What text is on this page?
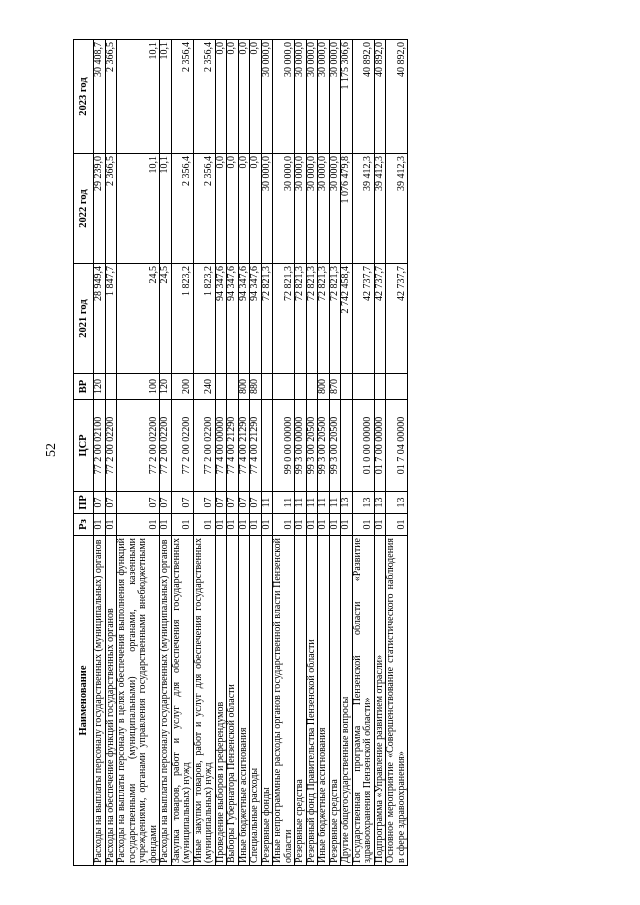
52
Наименование	Рз	ПР	ЦСР	ВР	2021 год	2022 год	2023 год
Расходы на выплаты персоналу государственных (муниципальных) органов	01	07	77 2 00 02100	120	28 949,4	29 239,0	30 408,7
Расходы на обеспечение функций государственных органов	01	07	77 2 00 02200		1 847,7	2 366,5	2 366,5
Расходы на выплаты персоналу в целях обеспечения выполнения функций государственными (муниципальными) органами, казенными учреждениями, органами управления государственными внебюджетными фондами	01	07	77 2 00 02200	100	24,5	10,1	10,1
Расходы на выплаты персоналу государственных (муниципальных) органов	01	07	77 2 00 02200	120	24,5	10,1	10,1
Закупка товаров, работ и услуг для обеспечения государственных (муниципальных) нужд	01	07	77 2 00 02200	200	1 823,2	2 356,4	2 356,4
Иные закупки товаров, работ и услуг для обеспечения государственных (муниципальных) нужд	01	07	77 2 00 02200	240	1 823,2	2 356,4	2 356,4
Проведение выборов и референдумов	01	07	77 4 00 00000		94 347,6	0,0	0,0
Выборы Губернатора Пензенской области	01	07	77 4 00 21290		94 347,6	0,0	0,0
Иные бюджетные ассигнования	01	07	77 4 00 21290	800	94 347,6	0,0	0,0
Специальные расходы	01	07	77 4 00 21290	880	94 347,6	0,0	0,0
Резервные фонды	01	11			72 821,3	30 000,0	30 000,0
Иные непрограммные расходы органов государственной власти Пензенской области	01	11	99 0 00 00000		72 821,3	30 000,0	30 000,0
Резервные средства	01	11	99 3 00 00000		72 821,3	30 000,0	30 000,0
Резервный фонд Правительства Пензенской области	01	11	99 3 00 20500		72 821,3	30 000,0	30 000,0
Иные бюджетные ассигнования	01	11	99 3 00 20500	800	72 821,3	30 000,0	30 000,0
Резервные средства	01	11	99 3 00 20500	870	72 821,3	30 000,0	30 000,0
Другие общегосударственные вопросы	01	13			2 742 458,4	1 076 479,8	1 175 306,6
Государственная программа Пензенской области «Развитие здравоохранения Пензенской области»	01	13	01 0 00 00000		42 737,7	39 412,3	40 892,0
Подпрограмма «Управление развитием отрасли»	01	13	01 7 00 00000		42 737,7	39 412,3	40 892,0
Основное мероприятие «Совершенствование статистического наблюдения в сфере здравоохранения»	01	13	01 7 04 00000		42 737,7	39 412,3	40 892,0
